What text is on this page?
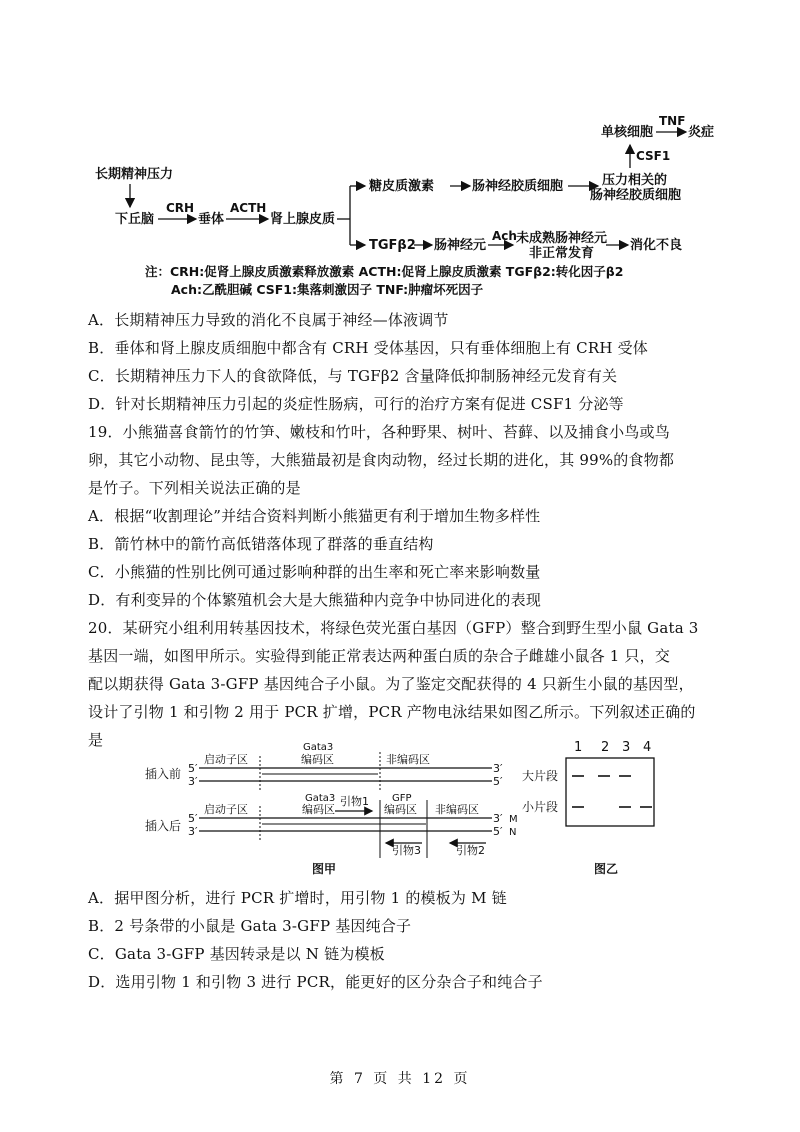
长期精神压力
下丘脑
CRH
垂体
ACTH
肾上腺皮质
糖皮质激素	肠神经胶质细胞	压力相关的
肠神经胶质细胞
CSF1
单核细胞
TNF
炎症
TGFβ2 肠神经元
Ach 未成熟肠神经元
非正常发育
消化不良
注：CRH:促肾上腺皮质激素释放激素 ACTH:促肾上腺皮质激素 TGFβ2:转化因子β2
Ach:乙酰胆碱 CSF1:集落刺激因子 TNF:肿瘤坏死因子
A．长期精神压力导致的消化不良属于神经—体液调节
B．垂体和肾上腺皮质细胞中都含有 CRH 受体基因，只有垂体细胞上有 CRH 受体
C．长期精神压力下人的食欲降低，与 TGFβ2 含量降低抑制肠神经元发育有关
D．针对长期精神压力引起的炎症性肠病，可行的治疗方案有促进 CSF1 分泌等
19．小熊猫喜食箭竹的竹笋、嫩枝和竹叶，各种野果、树叶、苔藓、以及捕食小鸟或鸟
卵，其它小动物、昆虫等，大熊猫最初是食肉动物，经过长期的进化，其 99%的食物都
是竹子。下列相关说法正确的是
A．根据“收割理论”并结合资料判断小熊猫更有利于增加生物多样性
B．箭竹林中的箭竹高低错落体现了群落的垂直结构
C．小熊猫的性别比例可通过影响种群的出生率和死亡率来影响数量
D．有利变异的个体繁殖机会大是大熊猫种内竞争中协同进化的表现
20．某研究小组利用转基因技术，将绿色荧光蛋白基因（GFP）整合到野生型小鼠 Gata 3
基因一端，如图甲所示。实验得到能正常表达两种蛋白质的杂合子雌雄小鼠各 1 只，交
配以期获得 Gata 3-GFP 基因纯合子小鼠。为了鉴定交配获得的 4 只新生小鼠的基因型，
设计了引物 1 和引物 2 用于 PCR 扩增，PCR 产物电泳结果如图乙所示。下列叙述正确的
是
插入前 5′
3′
启动子区
Gata3
编码区	非编码区
3′
5′
插入后
5′
3′
启动子区
Gata3
编码区
引物1 GFP
编码区 非编码区
3′
5′
M
N
引物3	引物2
图甲
1 2 3 4
大片段
小片段
图乙
A．据甲图分析，进行 PCR 扩增时，用引物 1 的模板为 M 链
B．2 号条带的小鼠是 Gata 3-GFP 基因纯合子
C．Gata 3-GFP 基因转录是以 N 链为模板
D．选用引物 1 和引物 3 进行 PCR，能更好的区分杂合子和纯合子
第 7 页 共 12 页
